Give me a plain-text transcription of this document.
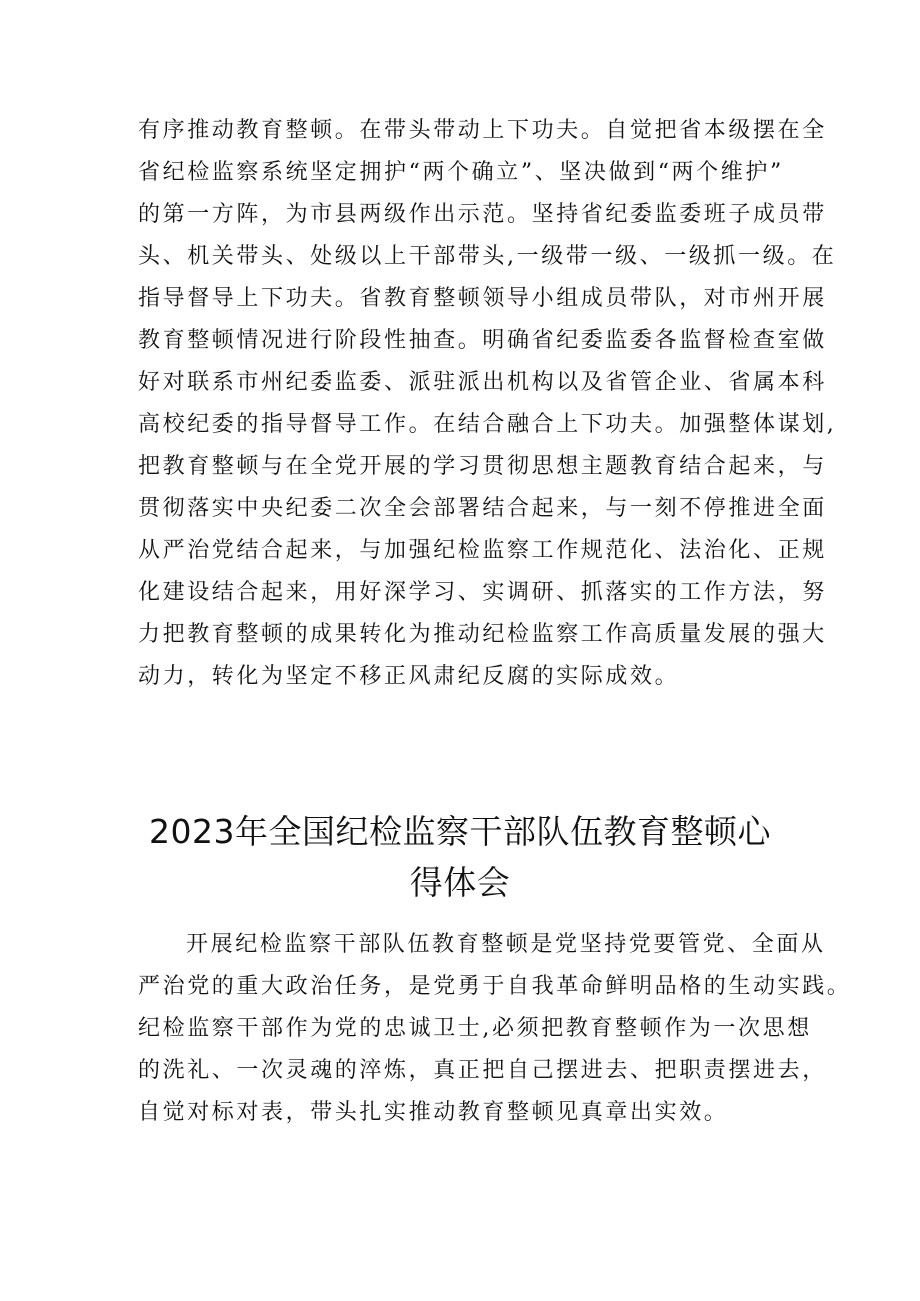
有序推动教育整顿。在带头带动上下功夫。自觉把省本级摆在全
省纪检监察系统坚定拥护“两个确立”、坚决做到“两个维护”
的第一方阵，为市县两级作出示范。坚持省纪委监委班子成员带
头、机关带头、处级以上干部带头,一级带一级、一级抓一级。在
指导督导上下功夫。省教育整顿领导小组成员带队，对市州开展
教育整顿情况进行阶段性抽查。明确省纪委监委各监督检查室做
好对联系市州纪委监委、派驻派出机构以及省管企业、省属本科
高校纪委的指导督导工作。在结合融合上下功夫。加强整体谋划,
把教育整顿与在全党开展的学习贯彻思想主题教育结合起来，与
贯彻落实中央纪委二次全会部署结合起来，与一刻不停推进全面
从严治党结合起来，与加强纪检监察工作规范化、法治化、正规
化建设结合起来，用好深学习、实调研、抓落实的工作方法，努
力把教育整顿的成果转化为推动纪检监察工作高质量发展的强大
动力，转化为坚定不移正风肃纪反腐的实际成效。
2023年全国纪检监察干部队伍教育整顿心
得体会
开展纪检监察干部队伍教育整顿是党坚持党要管党、全面从
严治党的重大政治任务，是党勇于自我革命鲜明品格的生动实践。
纪检监察干部作为党的忠诚卫士,必须把教育整顿作为一次思想
的洗礼、一次灵魂的淬炼，真正把自己摆进去、把职责摆进去，
自觉对标对表，带头扎实推动教育整顿见真章出实效。
